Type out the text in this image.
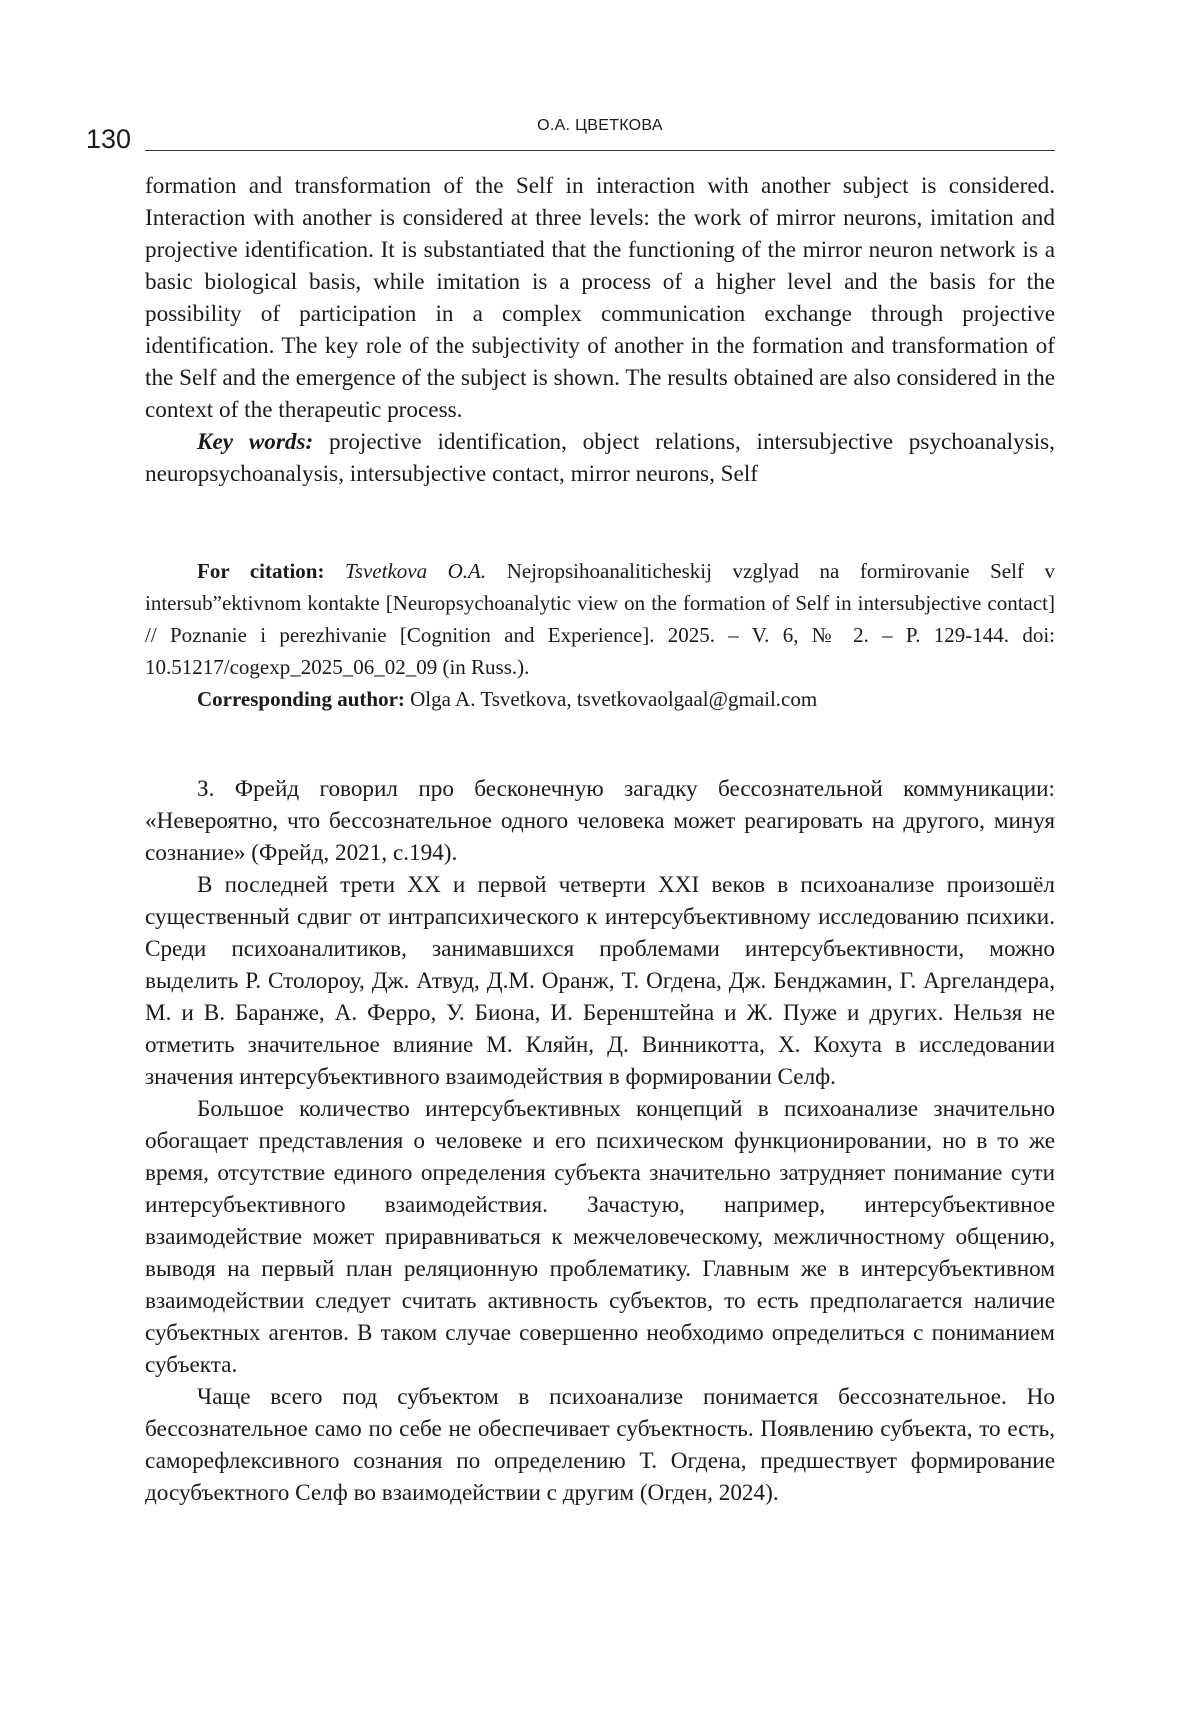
130	О.А. ЦВЕТКОВА

formation and transformation of the Self in interaction with another subject is considered. Interaction with another is considered at three levels: the work of mirror neurons, imitation and projective identification. It is substantiated that the functioning of the mirror neuron network is a basic biological basis, while imitation is a process of a higher level and the basis for the possibility of participation in a complex communication exchange through projective identification. The key role of the subjectivity of another in the formation and transformation of the Self and the emergence of the subject is shown. The results obtained are also considered in the context of the therapeutic process.

Key words: projective identification, object relations, intersubjective psychoanalysis, neuropsychoanalysis, intersubjective contact, mirror neurons, Self

For citation: Tsvetkova O.A. Nejropsihoanaliticheskij vzglyad na formirovanie Self v intersub”ektivnom kontakte [Neuropsychoanalytic view on the formation of Self in intersubjective contact] // Poznanie i perezhivanie [Cognition and Experience]. 2025. – V. 6, № 2. – P. 129-144. doi: 10.51217/cogexp_2025_06_02_09 (in Russ.).

Corresponding author: Olga A. Tsvetkova, tsvetkovaolgaal@gmail.com

З. Фрейд говорил про бесконечную загадку бессознательной коммуникации: «Невероятно, что бессознательное одного человека может реагировать на другого, минуя сознание» (Фрейд, 2021, с.194).

В последней трети XX и первой четверти XXI веков в психоанализе произошёл существенный сдвиг от интрапсихического к интерсубъективному исследованию психики. Среди психоаналитиков, занимавшихся проблемами интерсубъективности, можно выделить Р. Столороу, Дж. Атвуд, Д.М. Оранж, Т. Огдена, Дж. Бенджамин, Г. Аргеландера, М. и В. Баранже, А. Ферро, У. Биона, И. Беренштейна и Ж. Пуже и других. Нельзя не отметить значительное влияние М. Кляйн, Д. Винникотта, Х. Кохута в исследовании значения интерсубъективного взаимодействия в формировании Селф.

Большое количество интерсубъективных концепций в психоанализе значительно обогащает представления о человеке и его психическом функционировании, но в то же время, отсутствие единого определения субъекта значительно затрудняет понимание сути интерсубъективного взаимодействия. Зачастую, например, интерсубъективное взаимодействие может приравниваться к межчеловеческому, межличностному общению, выводя на первый план реляционную проблематику. Главным же в интерсубъективном взаимодействии следует считать активность субъектов, то есть предполагается наличие субъектных агентов. В таком случае совершенно необходимо определиться с пониманием субъекта.

Чаще всего под субъектом в психоанализе понимается бессознательное. Но бессознательное само по себе не обеспечивает субъектность. Появлению субъекта, то есть, саморефлексивного сознания по определению Т. Огдена, предшествует формирование досубъектного Селф во взаимодействии с другим (Огден, 2024).
